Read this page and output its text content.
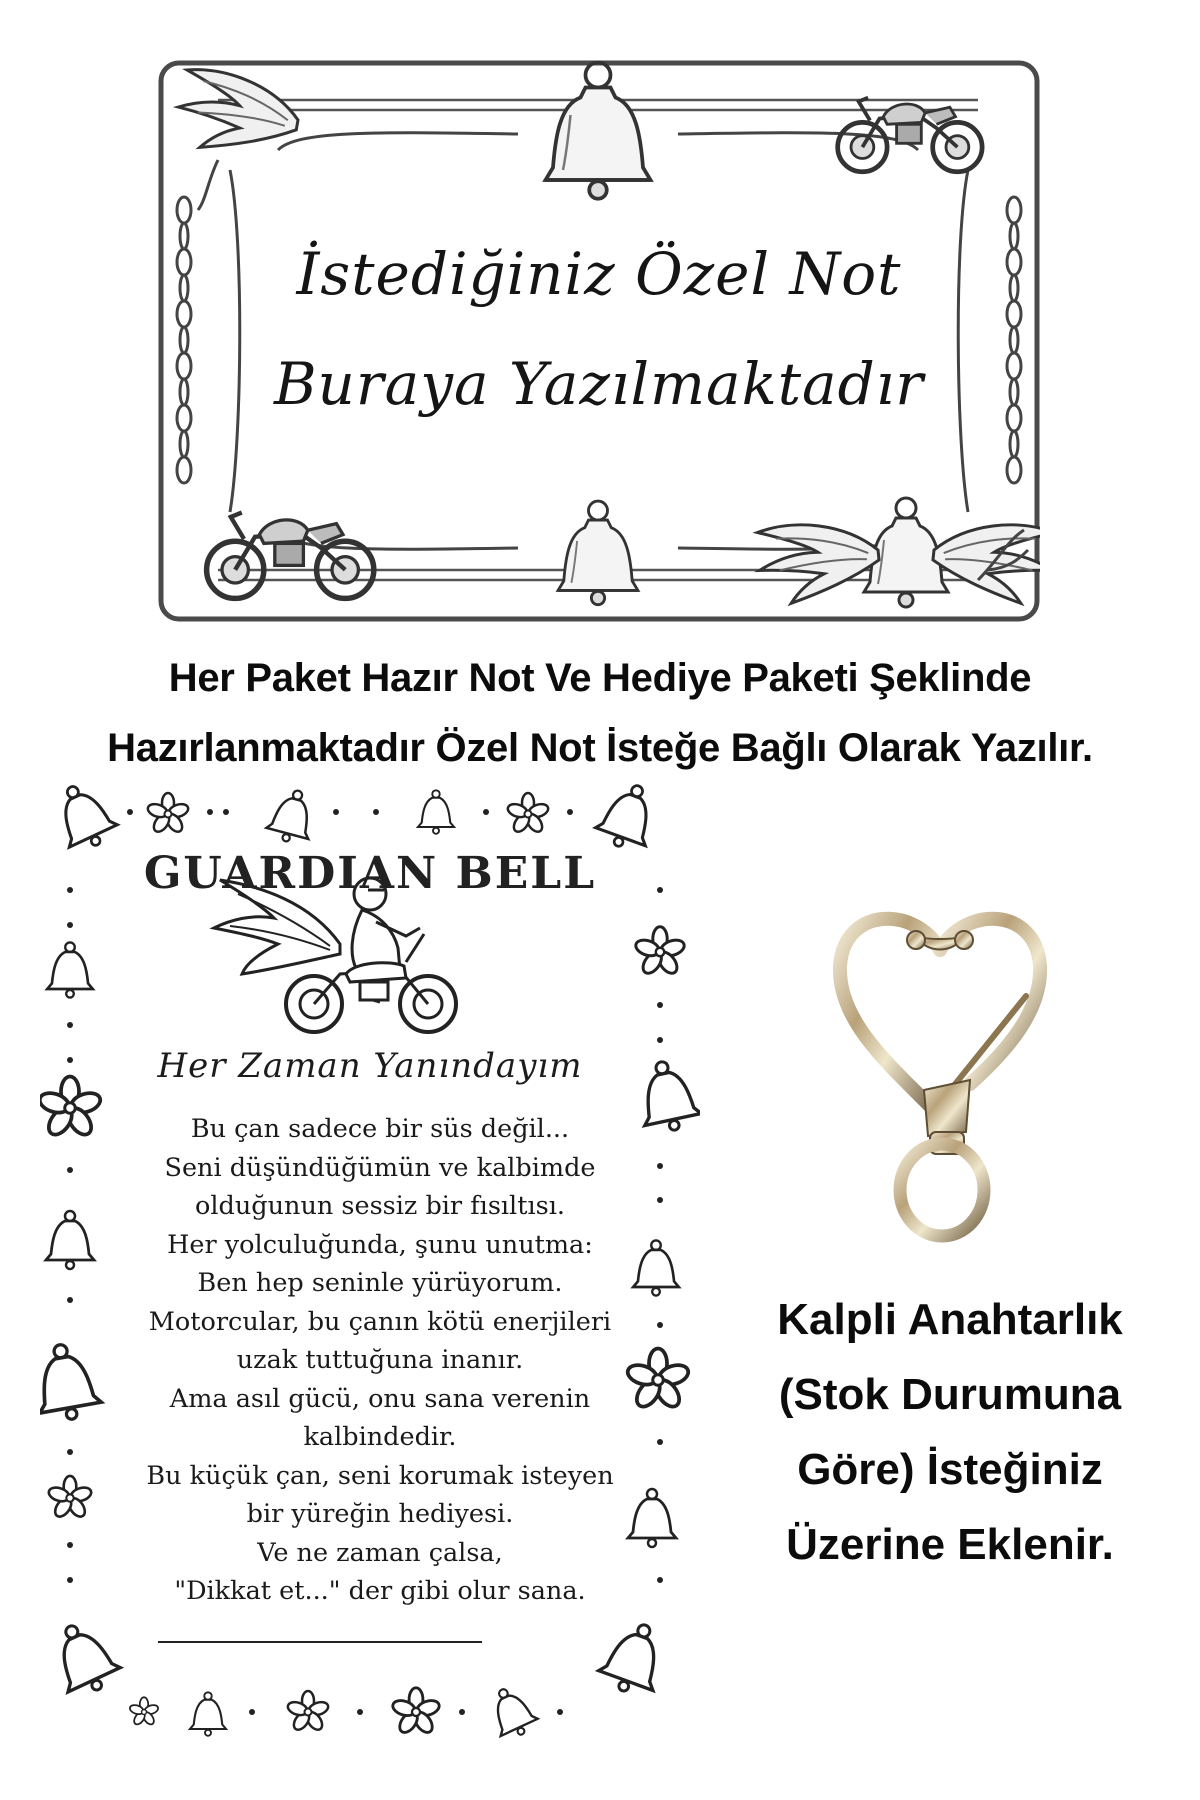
İstediğiniz Özel Not
Buraya Yazılmaktadır
Her Paket Hazır Not Ve Hediye Paketi Şeklinde
Hazırlanmaktadır Özel Not İsteğe Bağlı Olarak Yazılır.
GUARDIAN BELL
Her Zaman Yanındayım
Bu çan sadece bir süs değil...
Seni düşündüğümün ve kalbimde
olduğunun sessiz bir fısıltısı.
Her yolculuğunda, şunu unutma:
Ben hep seninle yürüyorum.
Motorcular, bu çanın kötü enerjileri
uzak tuttuğuna inanır.
Ama asıl gücü, onu sana verenin
kalbindedir.
Bu küçük çan, seni korumak isteyen
bir yüreğin hediyesi.
Ve ne zaman çalsa,
"Dikkat et..." der gibi olur sana.
Kalpli Anahtarlık
(Stok Durumuna
Göre) İsteğiniz
Üzerine Eklenir.
